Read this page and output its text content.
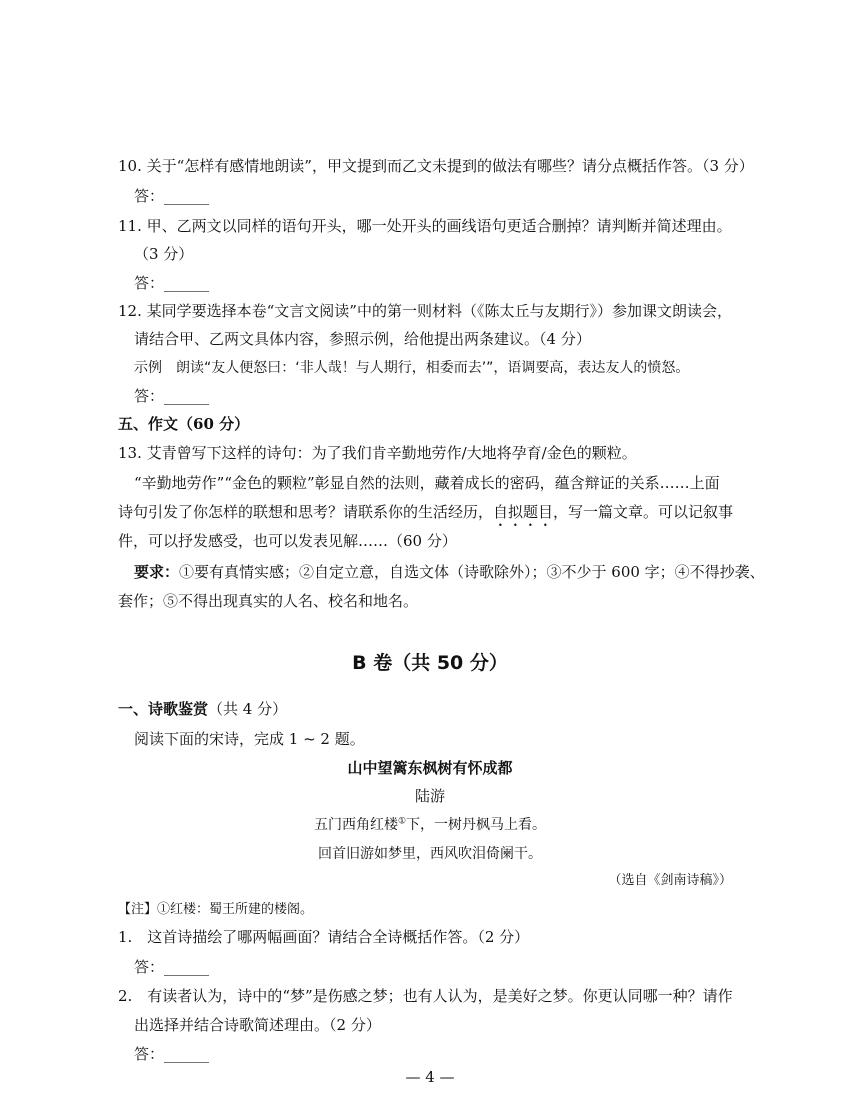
10. 关于“怎样有感情地朗读”，甲文提到而乙文未提到的做法有哪些？请分点概括作答。（3 分）
答：______
11. 甲、乙两文以同样的语句开头，哪一处开头的画线语句更适合删掉？请判断并简述理由。
（3 分）
答：______
12. 某同学要选择本卷“文言文阅读”中的第一则材料（《陈太丘与友期行》）参加课文朗读会，
请结合甲、乙两文具体内容，参照示例，给他提出两条建议。（4 分）
示例　朗读“友人便怒曰：‘非人哉！与人期行，相委而去’”，语调要高，表达友人的愤怒。
答：______
五、作文（60 分）
13. 艾青曾写下这样的诗句：为了我们肯辛勤地劳作/大地将孕育/金色的颗粒。
“辛勤地劳作”“金色的颗粒”彰显自然的法则，藏着成长的密码，蕴含辩证的关系……上面
诗句引发了你怎样的联想和思考？请联系你的生活经历，自拟题目，写一篇文章。可以记叙事
件，可以抒发感受，也可以发表见解……（60 分）
要求：①要有真情实感；②自定立意，自选文体（诗歌除外）；③不少于 600 字；④不得抄袭、
套作；⑤不得出现真实的人名、校名和地名。
B 卷（共 50 分）
一、诗歌鉴赏（共 4 分）
阅读下面的宋诗，完成 1 ~ 2 题。
山中望篱东枫树有怀成都
陆游
五门西角红楼①下，一树丹枫马上看。
回首旧游如梦里，西风吹泪倚阑干。
（选自《剑南诗稿》）
【注】①红楼：蜀王所建的楼阁。
1.　这首诗描绘了哪两幅画面？请结合全诗概括作答。（2 分）
答：______
2.　有读者认为，诗中的“梦”是伤感之梦；也有人认为，是美好之梦。你更认同哪一种？请作
出选择并结合诗歌简述理由。（2 分）
答：______
— 4 —
